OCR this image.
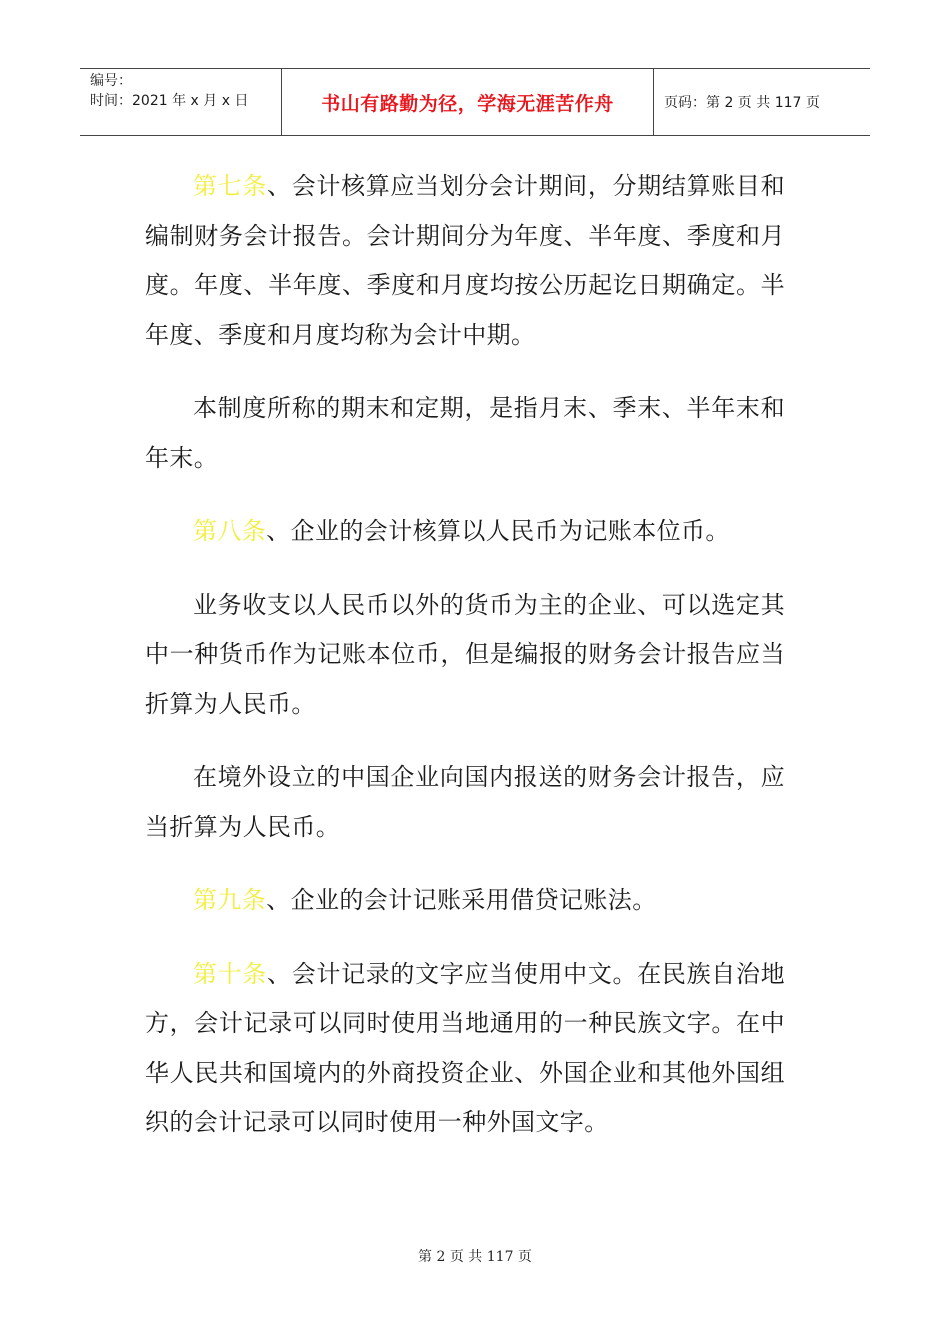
编号：
时间：2021 年 x 月 x 日	书山有路勤为径，学海无涯苦作舟	页码：第 2 页 共 117 页

第七条、会计核算应当划分会计期间，分期结算账目和编制财务会计报告。会计期间分为年度、半年度、季度和月度。年度、半年度、季度和月度均按公历起讫日期确定。半年度、季度和月度均称为会计中期。

本制度所称的期末和定期，是指月末、季末、半年末和年末。

第八条、企业的会计核算以人民币为记账本位币。

业务收支以人民币以外的货币为主的企业、可以选定其中一种货币作为记账本位币，但是编报的财务会计报告应当折算为人民币。

在境外设立的中国企业向国内报送的财务会计报告，应当折算为人民币。

第九条、企业的会计记账采用借贷记账法。

第十条、会计记录的文字应当使用中文。在民族自治地方，会计记录可以同时使用当地通用的一种民族文字。在中华人民共和国境内的外商投资企业、外国企业和其他外国组织的会计记录可以同时使用一种外国文字。

第 2 页 共 117 页
